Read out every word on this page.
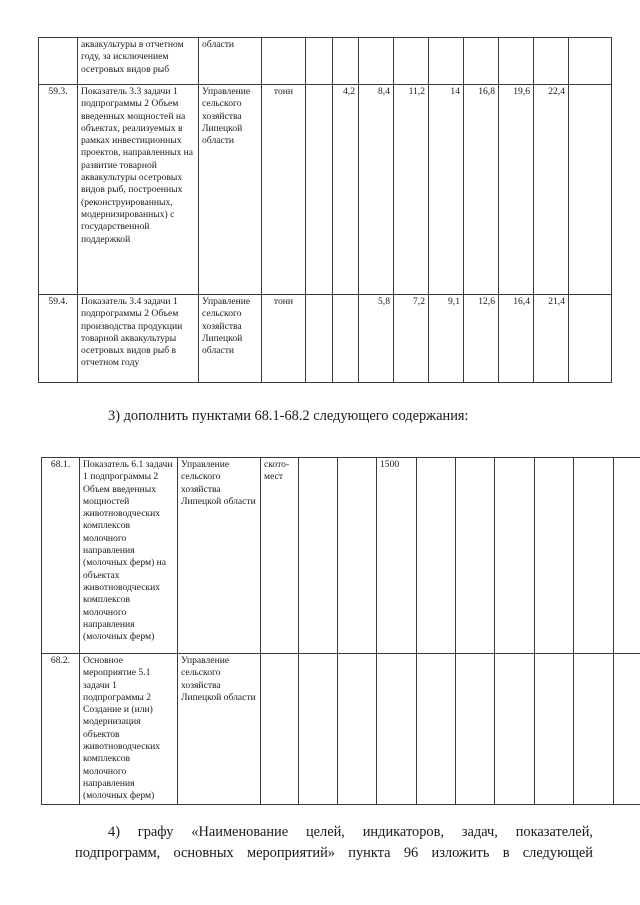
	аквакультуры в отчетном году, за исключением осетровых видов рыб	области										
59.3.	Показатель 3.3 задачи 1 подпрограммы 2 Объем введенных мощностей на объектах, реализуемых в рамках инвестиционных проектов, направленных на развитие товарной аквакультуры осетровых видов рыб, построенных (реконструированных, модернизированных) с государственной поддержкой	Управление сельского хозяйства Липецкой области	тонн		4,2	8,4	11,2	14	16,8	19,6	22,4	
59.4.	Показатель 3.4 задачи 1 подпрограммы 2 Объем производства продукции товарной аквакультуры осетровых видов рыб в отчетном году	Управление сельского хозяйства Липецкой области	тонн			5,8	7,2	9,1	12,6	16,4	21,4	
3) дополнить пунктами 68.1-68.2 следующего содержания:
68.1.	Показатель 6.1 задачи 1 подпрограммы 2 Объем введенных мощностей животноводческих комплексов молочного направления (молочных ферм) на объектах животноводческих комплексов молочного направления (молочных ферм)	Управление сельского хозяйства Липецкой области	ското-мест			1500						
68.2.	Основное мероприятие 5.1 задачи 1 подпрограммы 2 Создание и (или) модернизация объектов животноводческих комплексов молочного направления (молочных ферм)	Управление сельского хозяйства Липецкой области										
4) графу «Наименование целей, индикаторов, задач, показателей,
подпрограмм, основных мероприятий» пункта 96 изложить в следующей
